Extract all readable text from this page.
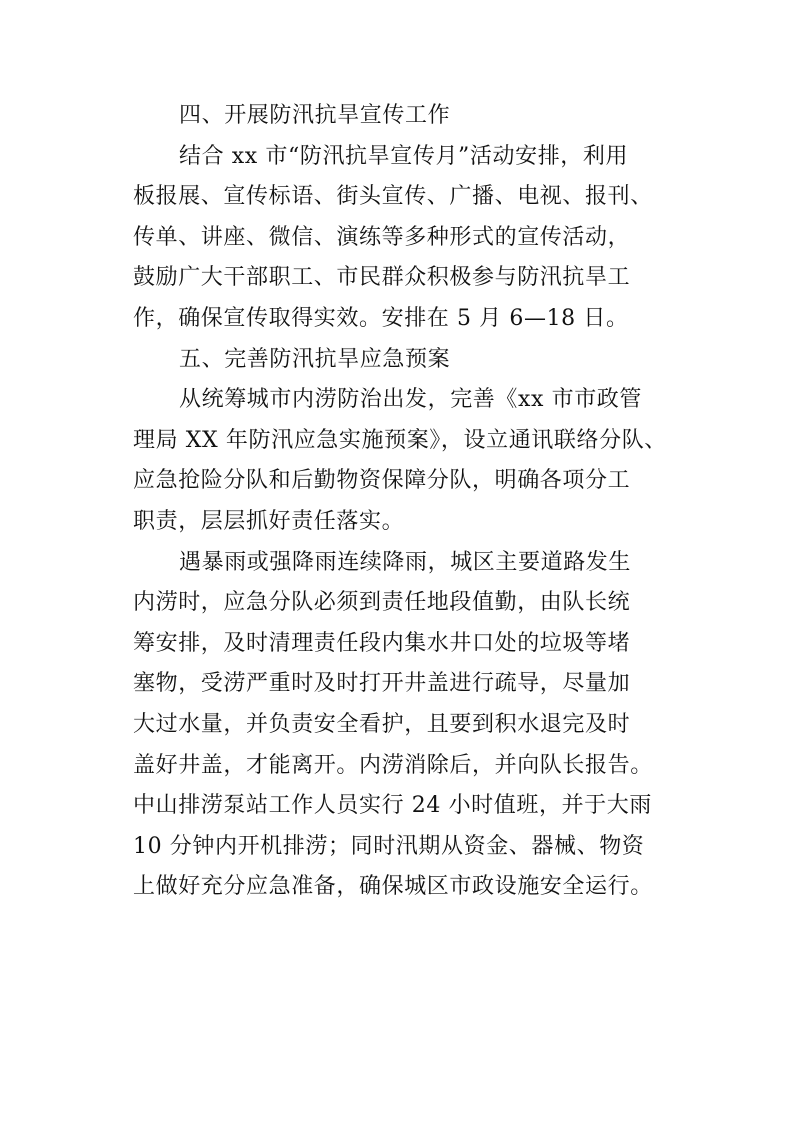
四、开展防汛抗旱宣传工作
结合 xx 市“防汛抗旱宣传月”活动安排，利用
板报展、宣传标语、街头宣传、广播、电视、报刊、
传单、讲座、微信、演练等多种形式的宣传活动，
鼓励广大干部职工、市民群众积极参与防汛抗旱工
作，确保宣传取得实效。安排在 5 月 6—18 日。
五、完善防汛抗旱应急预案
从统筹城市内涝防治出发，完善《xx 市市政管
理局 XX 年防汛应急实施预案》，设立通讯联络分队、
应急抢险分队和后勤物资保障分队，明确各项分工
职责，层层抓好责任落实。
遇暴雨或强降雨连续降雨，城区主要道路发生
内涝时，应急分队必须到责任地段值勤，由队长统
筹安排，及时清理责任段内集水井口处的垃圾等堵
塞物，受涝严重时及时打开井盖进行疏导，尽量加
大过水量，并负责安全看护，且要到积水退完及时
盖好井盖，才能离开。内涝消除后，并向队长报告。
中山排涝泵站工作人员实行 24 小时值班，并于大雨
10 分钟内开机排涝；同时汛期从资金、器械、物资
上做好充分应急准备，确保城区市政设施安全运行。
